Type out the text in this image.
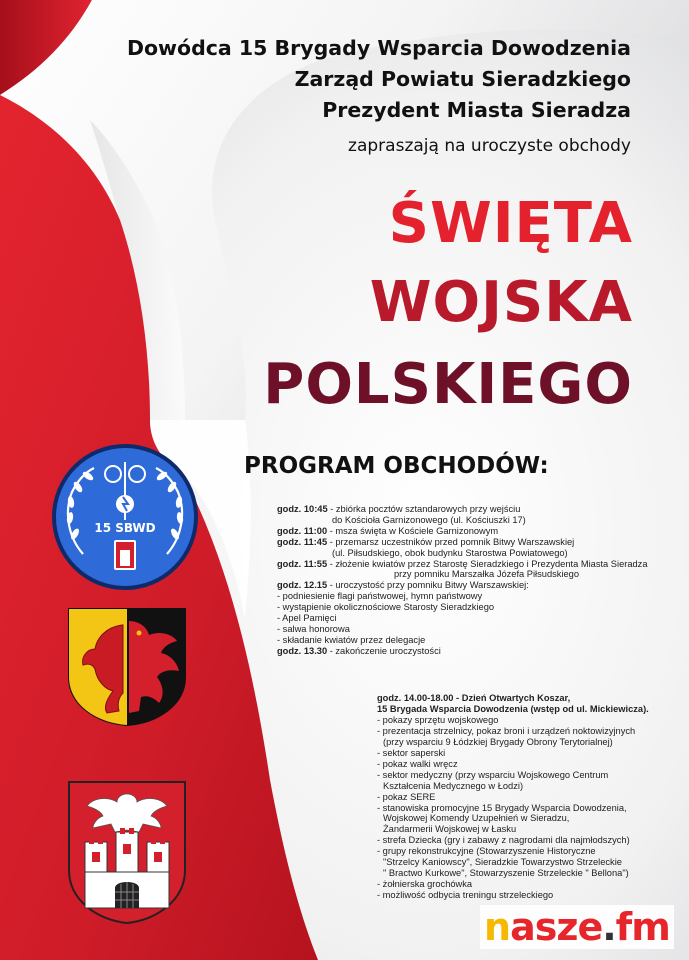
Dowódca 15 Brygady Wsparcia Dowodzenia
Zarząd Powiatu Sieradzkiego
Prezydent Miasta Sieradza
zapraszają na uroczyste obchody
ŚWIĘTA
WOJSKA
POLSKIEGO
PROGRAM OBCHODÓW:
15 SBWD
godz. 10:45 - zbiórka pocztów sztandarowych przy wejściu
do Kościoła Garnizonowego (ul. Kościuszki 17)
godz. 11:00 - msza święta w Kościele Garnizonowym
godz. 11:45 - przemarsz uczestników przed pomnik Bitwy Warszawskiej
(ul. Piłsudskiego, obok budynku Starostwa Powiatowego)
godz. 11:55 - złożenie kwiatów przez Starostę Sieradzkiego i Prezydenta Miasta Sieradza
przy pomniku Marszałka Józefa Piłsudskiego
godz. 12.15 - uroczystość przy pomniku Bitwy Warszawskiej:
- podniesienie flagi państwowej, hymn państwowy
- wystąpienie okolicznościowe Starosty Sieradzkiego
- Apel Pamięci
- salwa honorowa
- składanie kwiatów przez delegacje
godz. 13.30 - zakończenie uroczystości
godz. 14.00-18.00 - Dzień Otwartych Koszar,
15 Brygada Wsparcia Dowodzenia (wstęp od ul. Mickiewicza).
- pokazy sprzętu wojskowego
- prezentacja strzelnicy, pokaz broni i urządzeń noktowizyjnych
(przy wsparciu 9 Łódzkiej Brygady Obrony Terytorialnej)
- sektor saperski
- pokaz walki wręcz
- sektor medyczny (przy wsparciu Wojskowego Centrum
Kształcenia Medycznego w Łodzi)
- pokaz SERE
- stanowiska promocyjne 15 Brygady Wsparcia Dowodzenia,
Wojskowej Komendy Uzupełnień w Sieradzu,
Żandarmerii Wojskowej w Łasku
- strefa Dziecka (gry i zabawy z nagrodami dla najmłodszych)
- grupy rekonstrukcyjne (Stowarzyszenie Historyczne
"Strzelcy Kaniowscy", Sieradzkie Towarzystwo Strzeleckie
" Bractwo Kurkowe", Stowarzyszenie Strzeleckie " Bellona")
- żołnierska grochówka
- możliwość odbycia treningu strzeleckiego
n asze . fm
